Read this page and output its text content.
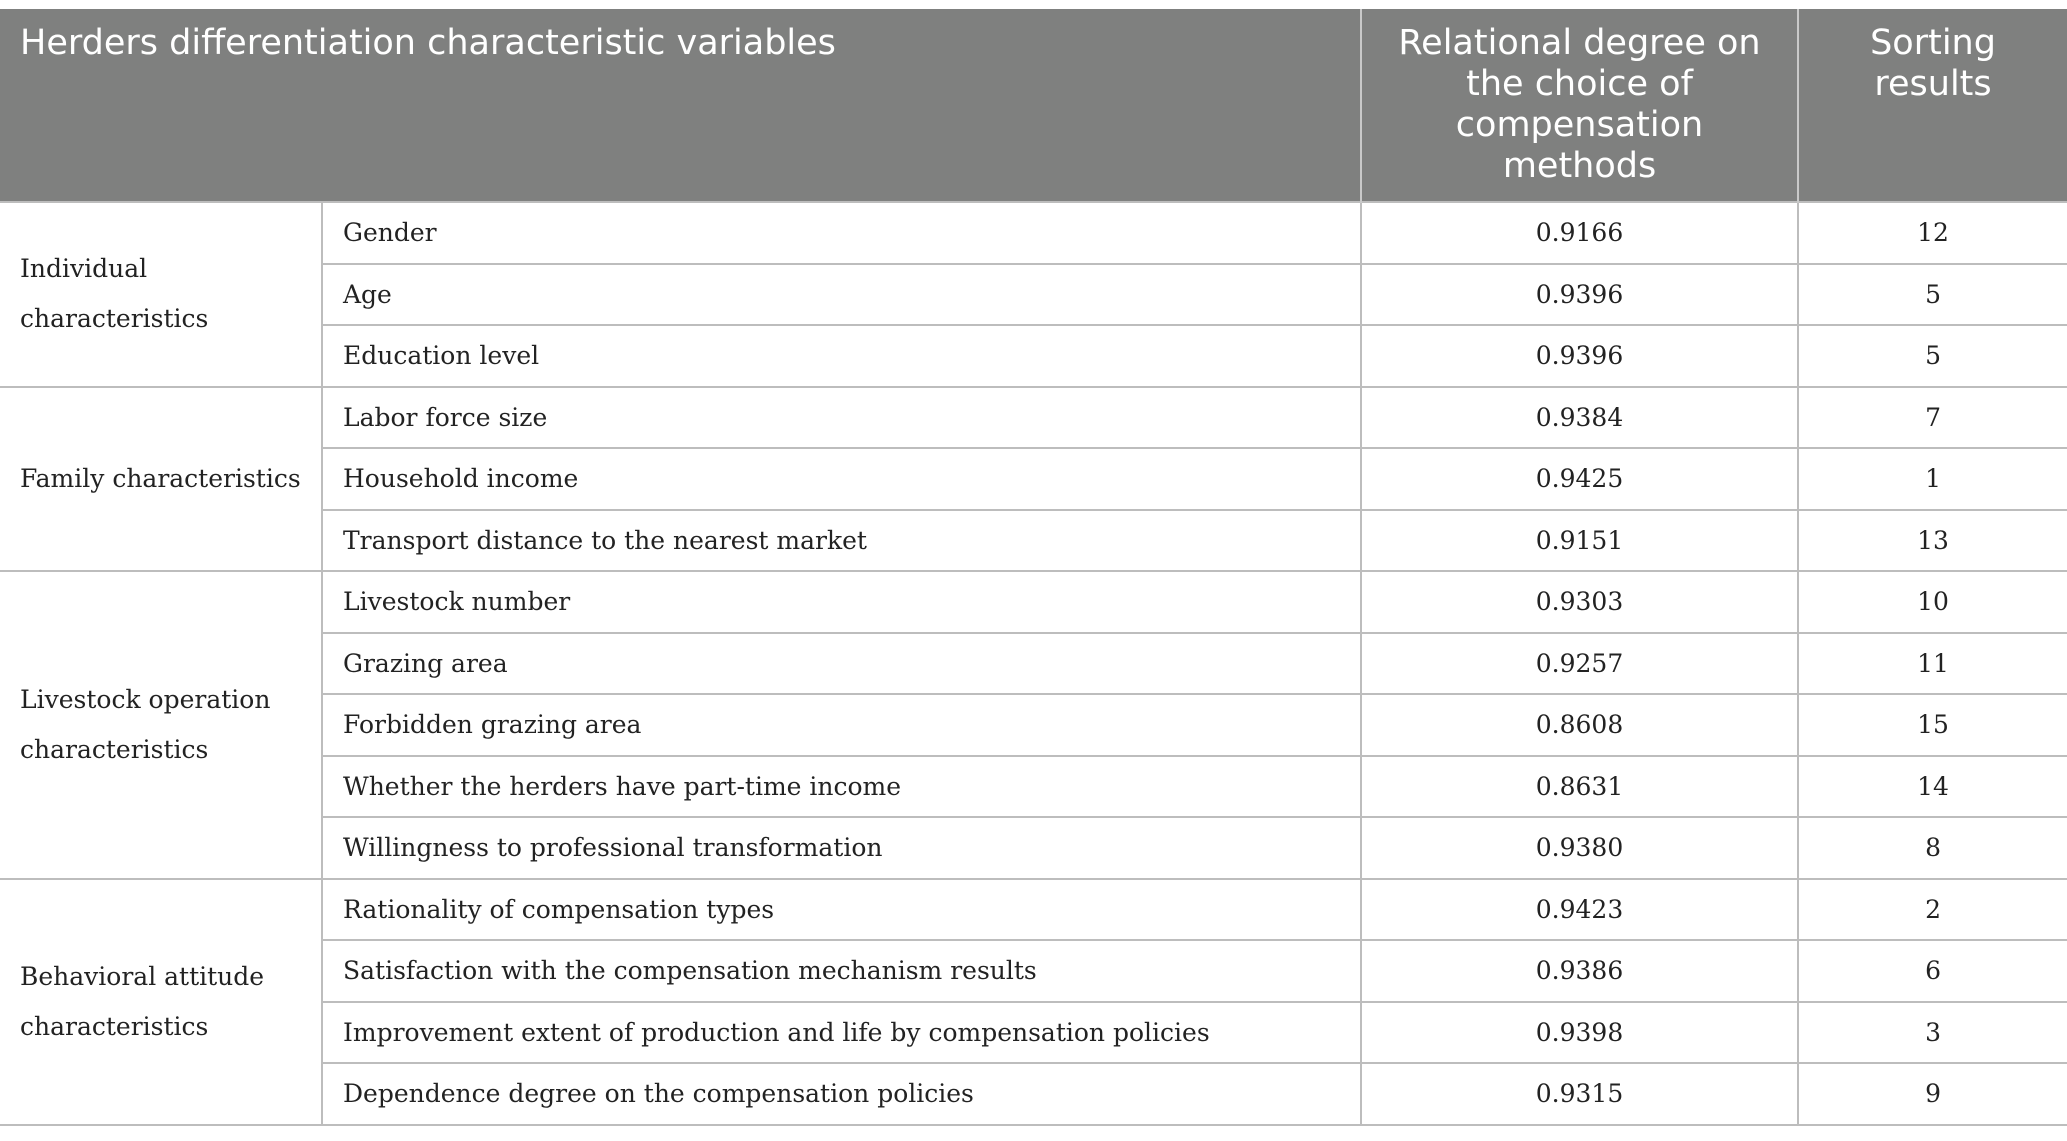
Herders differentiation characteristic variables		Relational degree on the choice of compensation methods	Sorting results
Individual characteristics	Gender	0.9166	12
	Age	0.9396	5
	Education level	0.9396	5
Family characteristics	Labor force size	0.9384	7
	Household income	0.9425	1
	Transport distance to the nearest market	0.9151	13
Livestock operation characteristics	Livestock number	0.9303	10
	Grazing area	0.9257	11
	Forbidden grazing area	0.8608	15
	Whether the herders have part-time income	0.8631	14
	Willingness to professional transformation	0.9380	8
Behavioral attitude characteristics	Rationality of compensation types	0.9423	2
	Satisfaction with the compensation mechanism results	0.9386	6
	Improvement extent of production and life by compensation policies	0.9398	3
	Dependence degree on the compensation policies	0.9315	9
